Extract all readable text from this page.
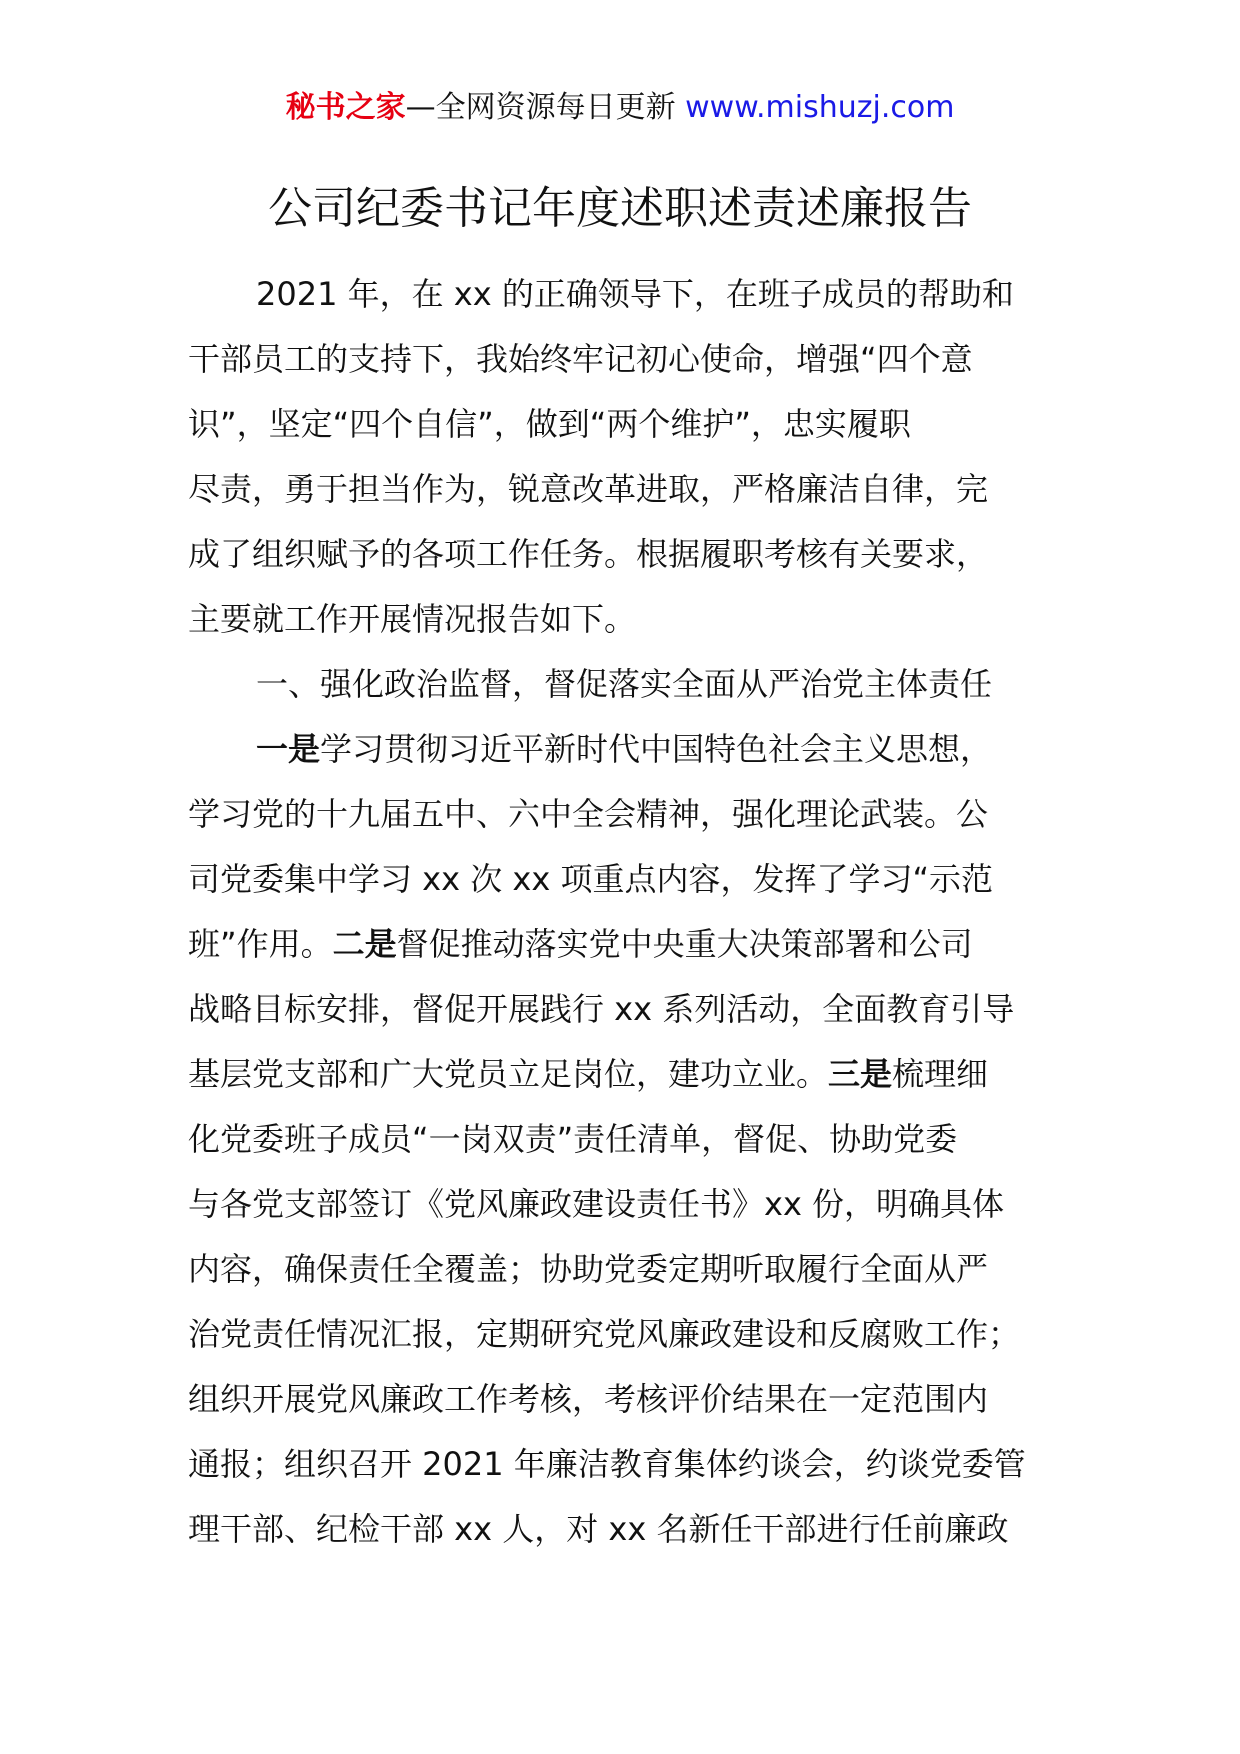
秘书之家—全网资源每日更新 www.mishuzj.com
公司纪委书记年度述职述责述廉报告
2021 年，在 xx 的正确领导下，在班子成员的帮助和
干部员工的支持下，我始终牢记初心使命，增强“四个意
识”，坚定“四个自信”，做到“两个维护”，忠实履职
尽责，勇于担当作为，锐意改革进取，严格廉洁自律，完
成了组织赋予的各项工作任务。根据履职考核有关要求，
主要就工作开展情况报告如下。
一、强化政治监督，督促落实全面从严治党主体责任
一是学习贯彻习近平新时代中国特色社会主义思想，
学习党的十九届五中、六中全会精神，强化理论武装。公
司党委集中学习 xx 次 xx 项重点内容，发挥了学习“示范
班”作用。二是督促推动落实党中央重大决策部署和公司
战略目标安排，督促开展践行 xx 系列活动，全面教育引导
基层党支部和广大党员立足岗位，建功立业。三是梳理细
化党委班子成员“一岗双责”责任清单，督促、协助党委
与各党支部签订《党风廉政建设责任书》xx 份，明确具体
内容，确保责任全覆盖；协助党委定期听取履行全面从严
治党责任情况汇报，定期研究党风廉政建设和反腐败工作；
组织开展党风廉政工作考核，考核评价结果在一定范围内
通报；组织召开 2021 年廉洁教育集体约谈会，约谈党委管
理干部、纪检干部 xx 人，对 xx 名新任干部进行任前廉政
